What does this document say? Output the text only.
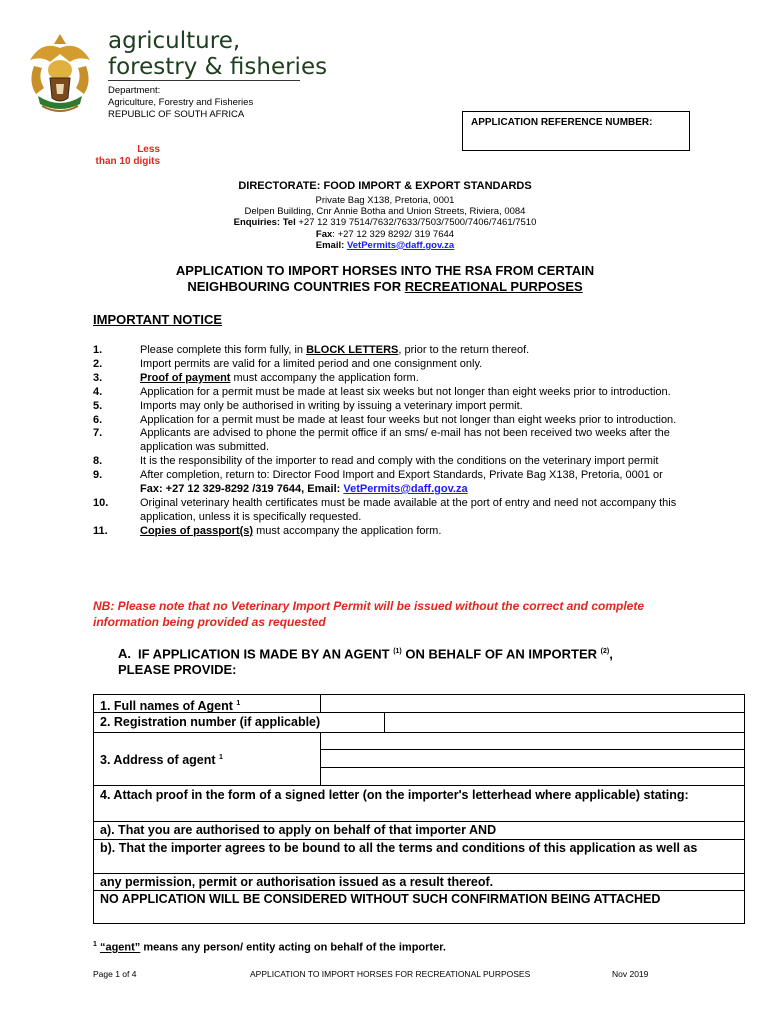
agriculture,
forestry & fisheries
Department:
Agriculture, Forestry and Fisheries
REPUBLIC OF SOUTH AFRICA
APPLICATION REFERENCE NUMBER:
Less
than 10 digits
DIRECTORATE: FOOD IMPORT & EXPORT STANDARDS
Private Bag X138, Pretoria, 0001
Delpen Building, Cnr Annie Botha and Union Streets, Riviera, 0084
Enquiries: Tel +27 12 319 7514/7632/7633/7503/7500/7406/7461/7510
Fax: +27 12 329 8292/ 319 7644
Email: VetPermits@daff.gov.za
APPLICATION TO IMPORT HORSES INTO THE RSA FROM CERTAIN
NEIGHBOURING COUNTRIES FOR RECREATIONAL PURPOSES
IMPORTANT NOTICE
1.	Please complete this form fully, in BLOCK LETTERS, prior to the return thereof.
2.	Import permits are valid for a limited period and one consignment only.
3.	Proof of payment must accompany the application form.
4.	Application for a permit must be made at least six weeks but not longer than eight weeks prior to introduction.
5.	Imports may only be authorised in writing by issuing a veterinary import permit.
6.	Application for a permit must be made at least four weeks but not longer than eight weeks prior to introduction.
7.	Applicants are advised to phone the permit office if an sms/ e-mail has not been received two weeks after the application was submitted.
8.	It is the responsibility of the importer to read and comply with the conditions on the veterinary import permit
9.	After completion, return to: Director Food Import and Export Standards, Private Bag X138, Pretoria, 0001 or Fax: +27 12 329-8292 /319 7644, Email: VetPermits@daff.gov.za
10.	Original veterinary health certificates must be made available at the port of entry and need not accompany this application, unless it is specifically requested.
11.	Copies of passport(s) must accompany the application form.
NB: Please note that no Veterinary Import Permit will be issued without the correct and complete information being provided as requested
A. IF APPLICATION IS MADE BY AN AGENT $^{(1)}$ ON BEHALF OF AN IMPORTER $^{(2)}$, PLEASE PROVIDE:
1. Full names of Agent $^1$
2. Registration number (if applicable)
3. Address of agent $^1$
4. Attach proof in the form of a signed letter (on the importer's letterhead where applicable) stating:
a). That you are authorised to apply on behalf of that importer AND
b). That the importer agrees to be bound to all the terms and conditions of this application as well as
any permission, permit or authorisation issued as a result thereof.
NO APPLICATION WILL BE CONSIDERED WITHOUT SUCH CONFIRMATION BEING ATTACHED
$^1$ “agent” means any person/ entity acting on behalf of the importer.
Page 1 of 4	APPLICATION TO IMPORT HORSES FOR RECREATIONAL PURPOSES	Nov 2019
